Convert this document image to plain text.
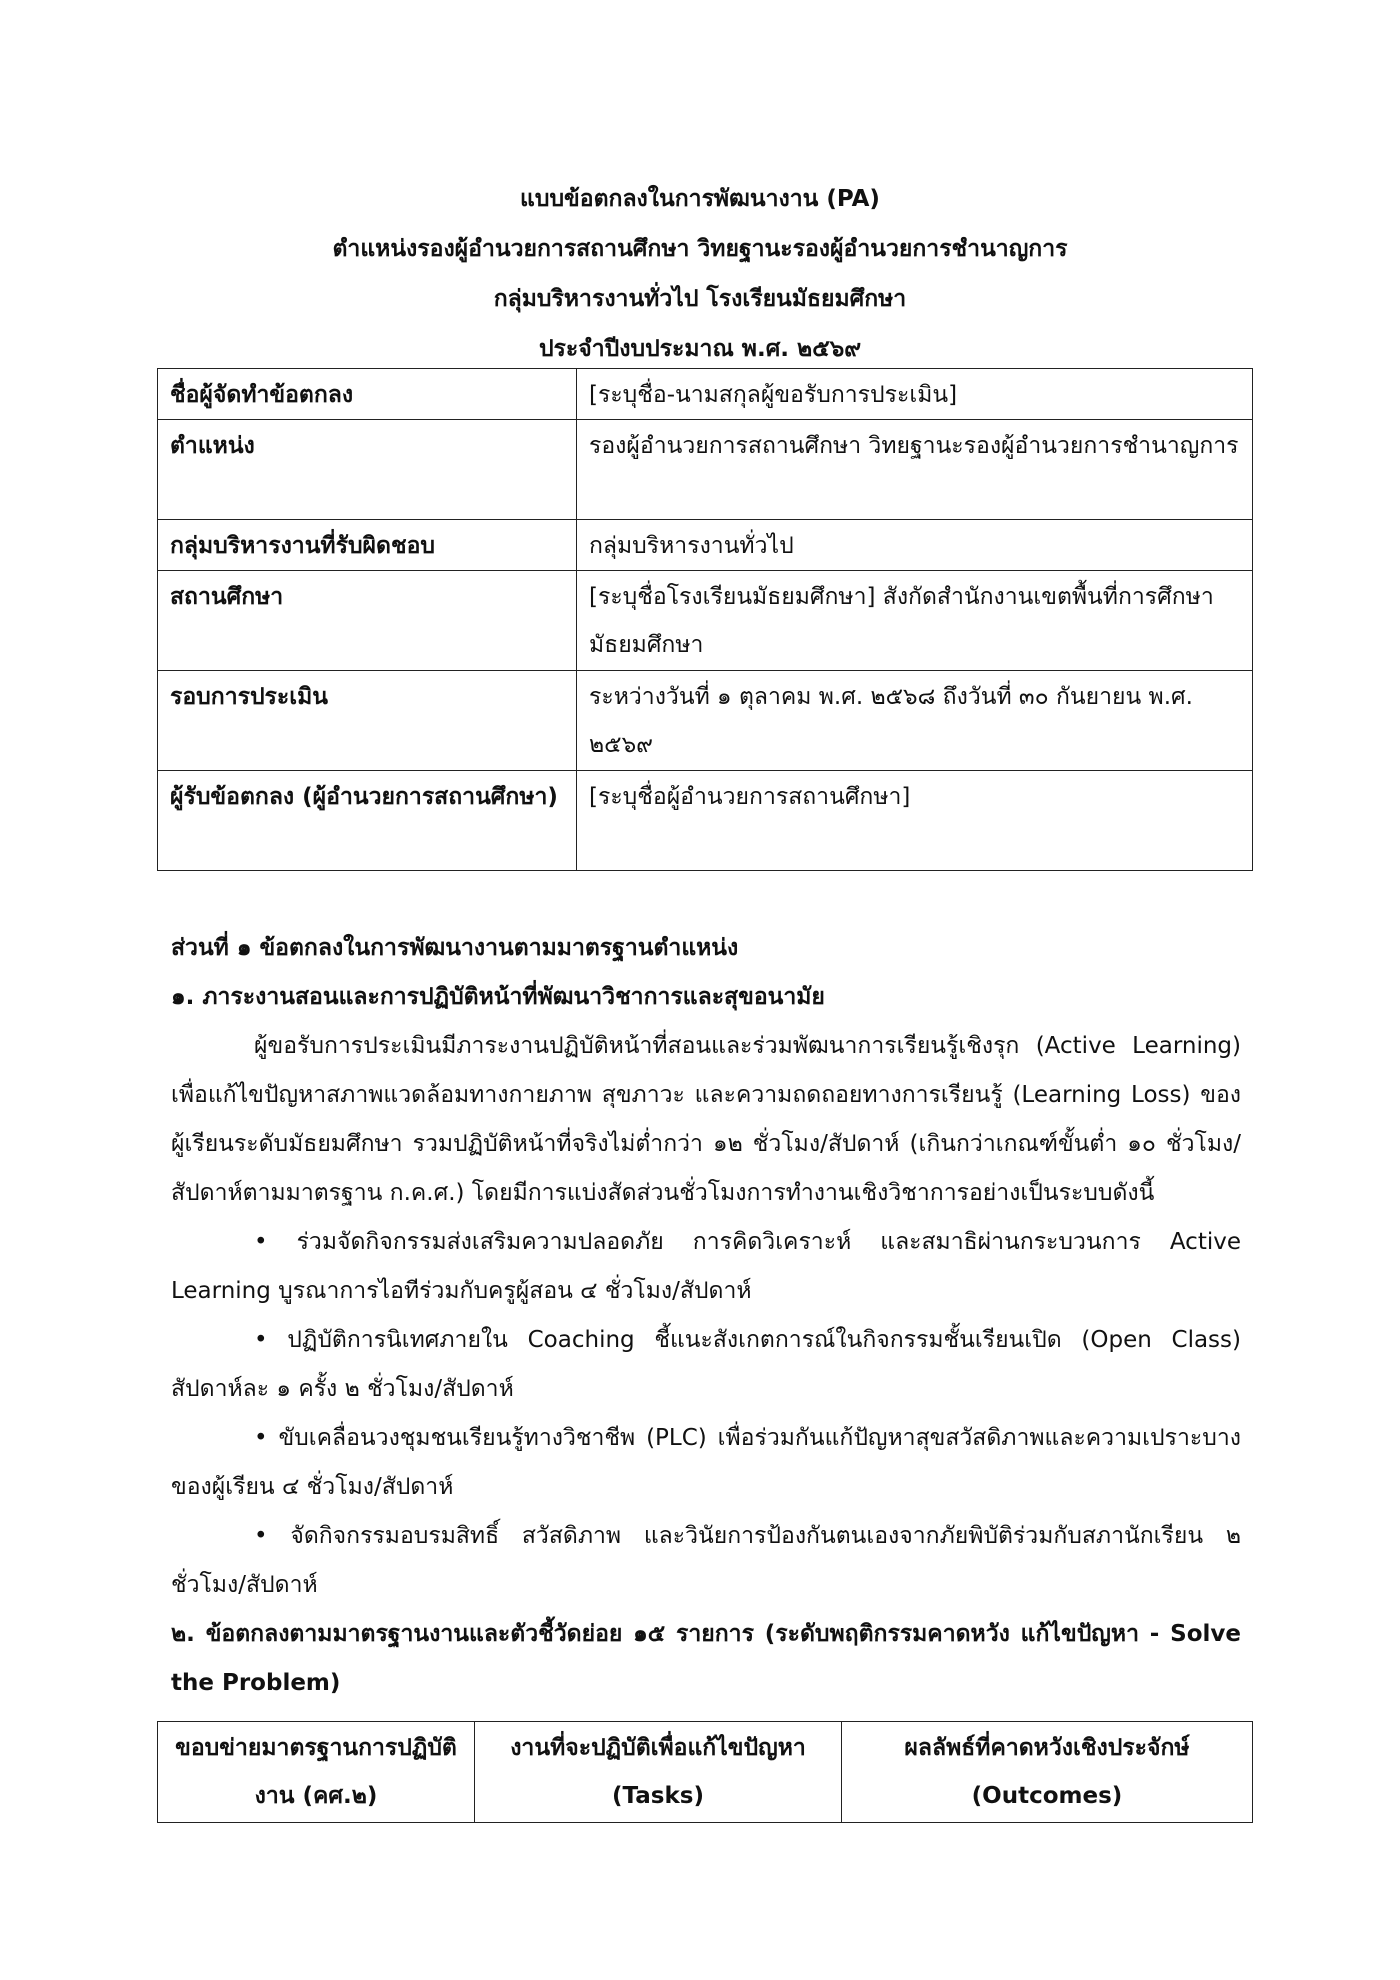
แบบข้อตกลงในการพัฒนางาน (PA)
ตำแหน่งรองผู้อำนวยการสถานศึกษา วิทยฐานะรองผู้อำนวยการชำนาญการ
กลุ่มบริหารงานทั่วไป โรงเรียนมัธยมศึกษา
ประจำปีงบประมาณ พ.ศ. ๒๕๖๙
ชื่อผู้จัดทำข้อตกลง	[ระบุชื่อ-นามสกุลผู้ขอรับการประเมิน]
ตำแหน่ง	รองผู้อำนวยการสถานศึกษา วิทยฐานะรองผู้อำนวยการชำนาญการ
กลุ่มบริหารงานที่รับผิดชอบ	กลุ่มบริหารงานทั่วไป
สถานศึกษา	[ระบุชื่อโรงเรียนมัธยมศึกษา] สังกัดสำนักงานเขตพื้นที่การศึกษามัธยมศึกษา
รอบการประเมิน	ระหว่างวันที่ ๑ ตุลาคม พ.ศ. ๒๕๖๘ ถึงวันที่ ๓๐ กันยายน พ.ศ. ๒๕๖๙
ผู้รับข้อตกลง (ผู้อำนวยการสถานศึกษา)	[ระบุชื่อผู้อำนวยการสถานศึกษา]
ส่วนที่ ๑ ข้อตกลงในการพัฒนางานตามมาตรฐานตำแหน่ง
๑. ภาระงานสอนและการปฏิบัติหน้าที่พัฒนาวิชาการและสุขอนามัย
ผู้ขอรับการประเมินมีภาระงานปฏิบัติหน้าที่สอนและร่วมพัฒนาการเรียนรู้เชิงรุก (Active Learning) เพื่อแก้ไขปัญหาสภาพแวดล้อมทางกายภาพ สุขภาวะ และความถดถอยทางการเรียนรู้ (Learning Loss) ของผู้เรียนระดับมัธยมศึกษา รวมปฏิบัติหน้าที่จริงไม่ต่ำกว่า ๑๒ ชั่วโมง/สัปดาห์ (เกินกว่าเกณฑ์ขั้นต่ำ ๑๐ ชั่วโมง/สัปดาห์ตามมาตรฐาน ก.ค.ศ.) โดยมีการแบ่งสัดส่วนชั่วโมงการทำงานเชิงวิชาการอย่างเป็นระบบดังนี้
• ร่วมจัดกิจกรรมส่งเสริมความปลอดภัย การคิดวิเคราะห์ และสมาธิผ่านกระบวนการ Active Learning บูรณาการไอทีร่วมกับครูผู้สอน ๔ ชั่วโมง/สัปดาห์
• ปฏิบัติการนิเทศภายใน Coaching ชี้แนะสังเกตการณ์ในกิจกรรมชั้นเรียนเปิด (Open Class) สัปดาห์ละ ๑ ครั้ง ๒ ชั่วโมง/สัปดาห์
• ขับเคลื่อนวงชุมชนเรียนรู้ทางวิชาชีพ (PLC) เพื่อร่วมกันแก้ปัญหาสุขสวัสดิภาพและความเปราะบางของผู้เรียน ๔ ชั่วโมง/สัปดาห์
• จัดกิจกรรมอบรมสิทธิ์ สวัสดิภาพ และวินัยการป้องกันตนเองจากภัยพิบัติร่วมกับสภานักเรียน ๒ ชั่วโมง/สัปดาห์
๒. ข้อตกลงตามมาตรฐานงานและตัวชี้วัดย่อย ๑๕ รายการ (ระดับพฤติกรรมคาดหวัง แก้ไขปัญหา - Solve the Problem)
ขอบข่ายมาตรฐานการปฏิบัติงาน (คศ.๒)	งานที่จะปฏิบัติเพื่อแก้ไขปัญหา (Tasks)	ผลลัพธ์ที่คาดหวังเชิงประจักษ์ (Outcomes)
